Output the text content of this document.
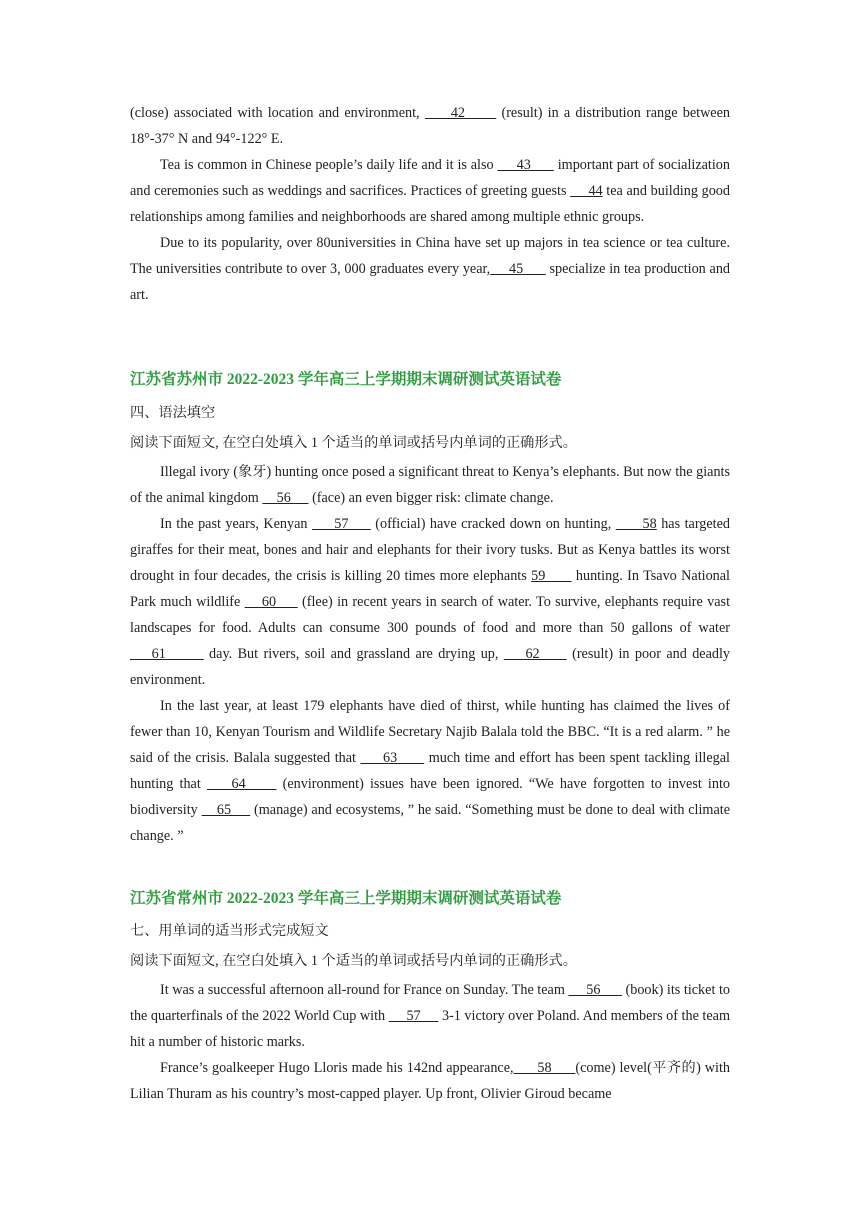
(close) associated with location and environment,      42       (result) in a distribution range between 18°-37° N and 94°-122° E.

Tea is common in Chinese people’s daily life and it is also      43       important part of socialization and ceremonies such as weddings and sacrifices. Practices of greeting guests      44 tea and building good relationships among families and neighborhoods are shared among multiple ethnic groups.

Due to its popularity, over 80universities in China have set up majors in tea science or tea culture. The universities contribute to over 3, 000 graduates every year,     45       specialize in tea production and art.

江苏省苏州市 2022-2023 学年高三上学期期末调研测试英语试卷
四、语法填空
阅读下面短文, 在空白处填入 1 个适当的单词或括号内单词的正确形式。

Illegal ivory (象牙) hunting once posed a significant threat to Kenya’s elephants. But now the giants of the animal kingdom     56      (face) an even bigger risk: climate change.

In the past years, Kenyan      57      (official) have cracked down on hunting,       58 has targeted giraffes for their meat, bones and hair and elephants for their ivory tusks. But as Kenya battles its worst drought in four decades, the crisis is killing 20 times more elephants 59       hunting. In Tsavo National Park much wildlife     60      (flee) in recent years in search of water. To survive, elephants require vast landscapes for food. Adults can consume 300 pounds of food and more than 50 gallons of water     61        day. But rivers, soil and grassland are drying up,     62      (result) in poor and deadly environment.

In the last year, at least 179 elephants have died of thirst, while hunting has claimed the lives of fewer than 10, Kenyan Tourism and Wildlife Secretary Najib Balala told the BBC. “It is a red alarm. ” he said of the crisis. Balala suggested that      63       much time and effort has been spent tackling illegal hunting that     64      (environment) issues have been ignored. “We have forgotten to invest into biodiversity     65      (manage) and ecosystems, ” he said. “Something must be done to deal with climate change. ”

江苏省常州市 2022-2023 学年高三上学期期末调研测试英语试卷
七、用单词的适当形式完成短文
阅读下面短文, 在空白处填入 1 个适当的单词或括号内单词的正确形式。

It was a successful afternoon all-round for France on Sunday. The team      56       (book) its ticket to the quarterfinals of the 2022 World Cup with      57      3-1 victory over Poland. And members of the team hit a number of historic marks.

France’s goalkeeper Hugo Lloris made his 142nd appearance,      58      (come) level(平齐的) with Lilian Thuram as his country’s most-capped player. Up front, Olivier Giroud became
